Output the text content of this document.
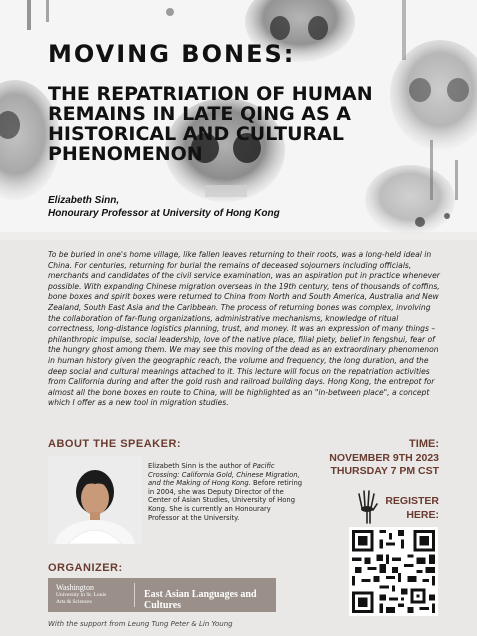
MOVING BONES:
THE REPATRIATION OF HUMAN REMAINS IN LATE QING AS A HISTORICAL AND CULTURAL PHENOMENON
Elizabeth Sinn,
Honourary Professor at University of Hong Kong
To be buried in one's home village, like fallen leaves returning to their roots, was a long-held ideal in China. For centuries, returning for burial the remains of deceased sojourners including officials, merchants and candidates of the civil service examination, was an aspiration put in practice whenever possible. With expanding Chinese migration overseas in the 19th century, tens of thousands of coffins, bone boxes and spirit boxes were returned to China from North and South America, Australia and New Zealand, South East Asia and the Caribbean. The process of returning bones was complex, involving the collaboration of far-flung organizations, administrative mechanisms, knowledge of ritual correctness, long-distance logistics planning, trust, and money. It was an expression of many things – philanthropic impulse, social leadership, love of the native place, filial piety, belief in fengshui, fear of the hungry ghost among them. We may see this moving of the dead as an extraordinary phenomenon in human history given the geographic reach, the volume and frequency, the long duration, and the deep social and cultural meanings attached to it. This lecture will focus on the repatriation activities from California during and after the gold rush and railroad building days. Hong Kong, the entrepot for almost all the bone boxes en route to China, will be highlighted as an "in-between place", a concept which I offer as a new tool in migration studies.
ABOUT THE SPEAKER:
Elizabeth Sinn is the author of Pacific Crossing: California Gold, Chinese Migration, and the Making of Hong Kong. Before retiring in 2004, she was Deputy Director of the Center of Asian Studies, University of Hong Kong. She is currently an Honourary Professor at the University.
TIME:
NOVEMBER 9TH 2023
THURSDAY 7 PM CST
REGISTER
HERE:
ORGANIZER:
Washington
University in St. Louis
Arts & Sciences
East Asian Languages and Cultures
With the support from Leung Tung Peter & Lin Young
